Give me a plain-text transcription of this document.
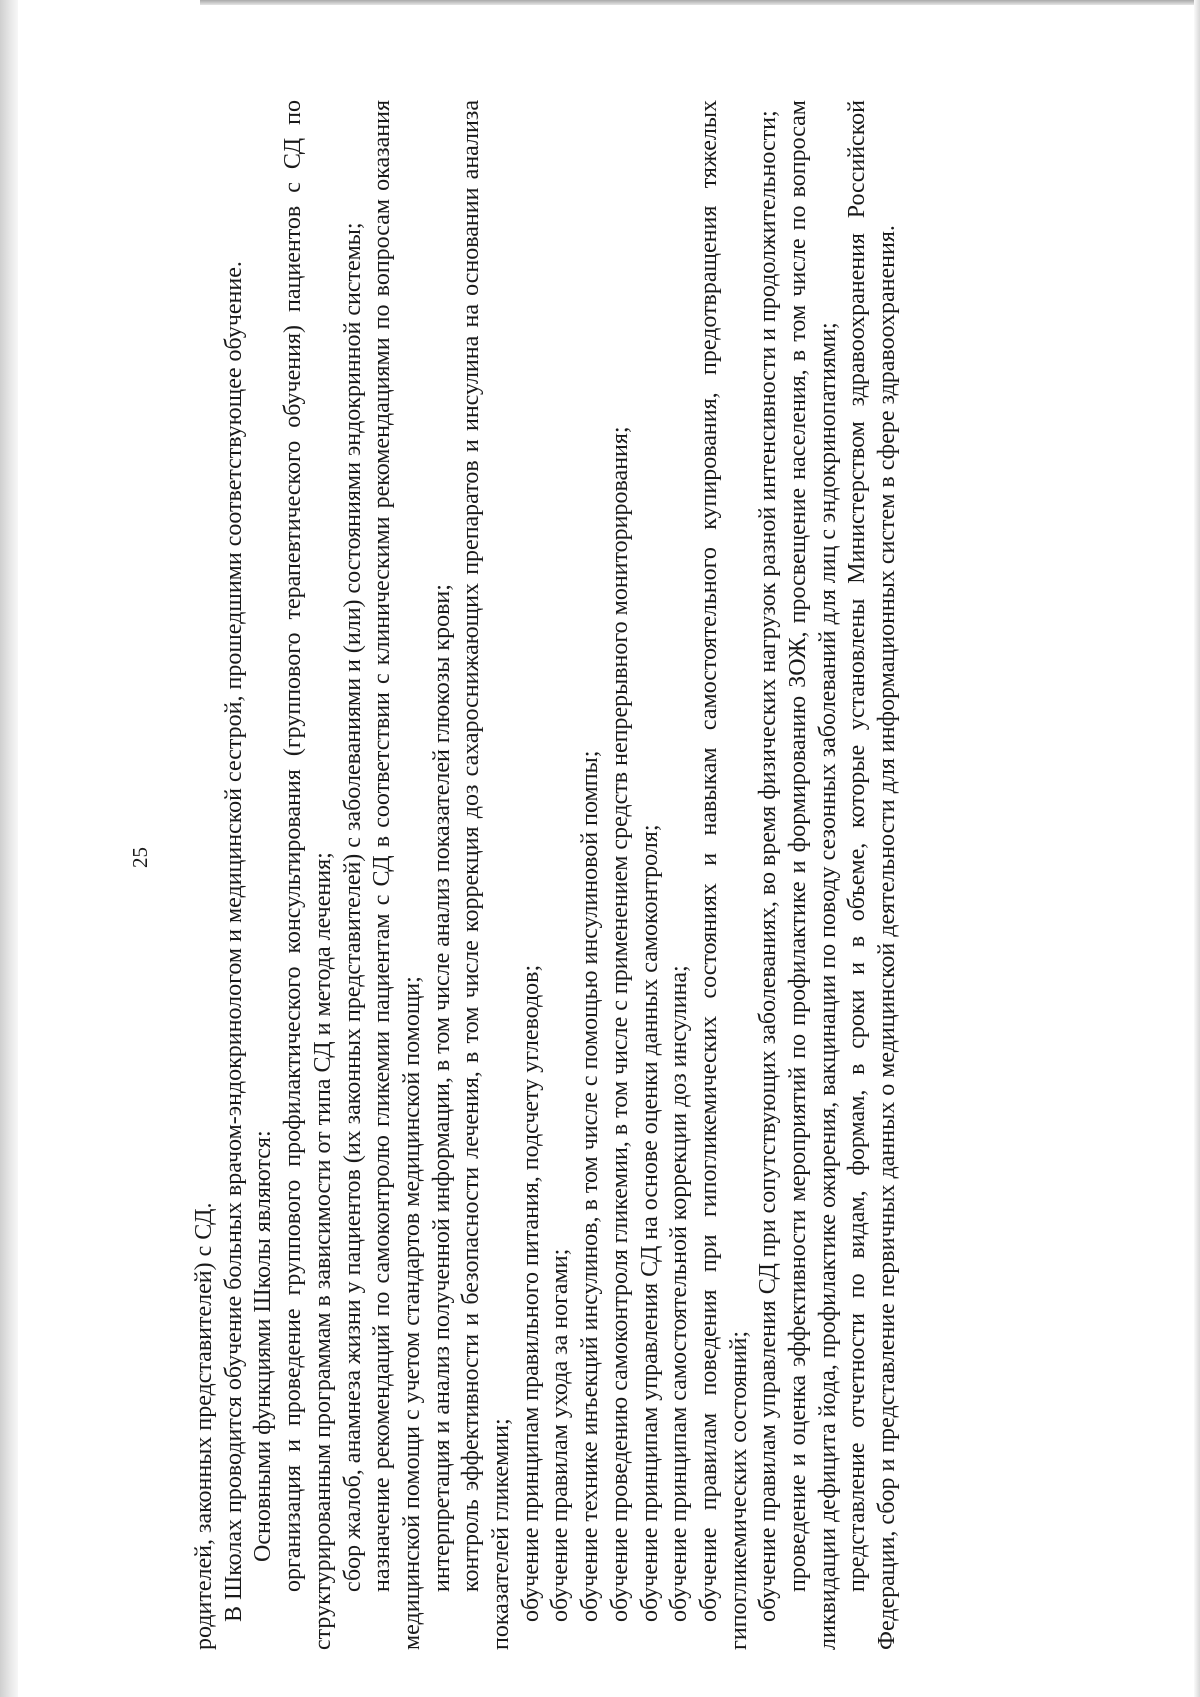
25

родителей, законных представителей) с СД. В Школах проводится обучение больных врачом-эндокринологом и медицинской сестрой, прошедшими соответствующее обучение. Основными функциями Школы являются: организация и проведение группового профилактического консультирования (группового терапевтического обучения) пациентов с СД по структурированным программам в зависимости от типа СД и метода лечения; сбор жалоб, анамнеза жизни у пациентов (их законных представителей) с заболеваниями и (или) состояниями эндокринной системы; назначение рекомендаций по самоконтролю гликемии пациентам с СД в соответствии с клиническими рекомендациями по вопросам оказания медицинской помощи с учетом стандартов медицинской помощи; интерпретация и анализ полученной информации, в том числе анализ показателей глюкозы крови; контроль эффективности и безопасности лечения, в том числе коррекция доз сахароснижающих препаратов и инсулина на основании анализа показателей гликемии; обучение принципам правильного питания, подсчету углеводов; обучение правилам ухода за ногами; обучение технике инъекций инсулинов, в том числе с помощью инсулиновой помпы; обучение проведению самоконтроля гликемии, в том числе с применением средств непрерывного мониторирования; обучение принципам управления СД на основе оценки данных самоконтроля; обучение принципам самостоятельной коррекции доз инсулина; обучение правилам поведения при гипогликемических состояниях и навыкам самостоятельного купирования, предотвращения тяжелых гипогликемических состояний; обучение правилам управления СД при сопутствующих заболеваниях, во время физических нагрузок разной интенсивности и продолжительности; проведение и оценка эффективности мероприятий по профилактике и формированию ЗОЖ, просвещение населения, в том числе по вопросам ликвидации дефицита йода, профилактике ожирения, вакцинации по поводу сезонных заболеваний для лиц с эндокринопатиями; представление отчетности по видам, формам, в сроки и в объеме, которые установлены Министерством здравоохранения Российской Федерации, сбор и представление первичных данных о медицинской деятельности для информационных систем в сфере здравоохранения.
